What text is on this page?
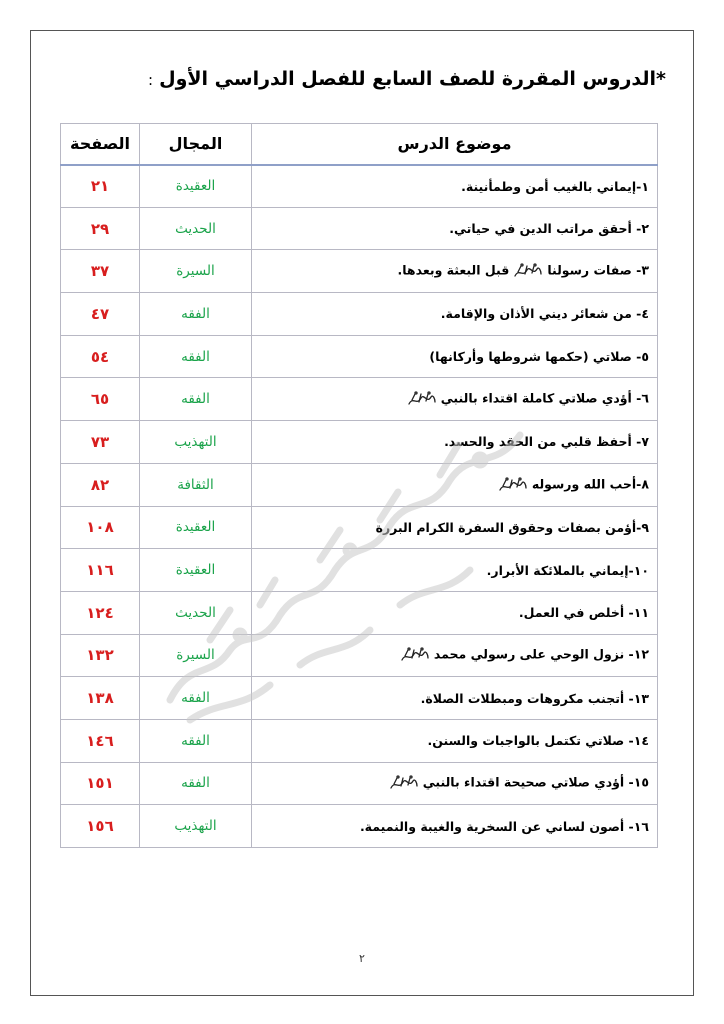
*الدروس المقررة للصف السابع للفصل الدراسي الأول:
موضوع الدرس	المجال	الصفحة
١-إيماني بالغيب أمن وطمأنينة.	العقيدة	٢١
٢- أحقق مراتب الدين في حياتي.	الحديث	٢٩
٣- صفات رسولناقبل البعثة وبعدها.	السيرة	٣٧
٤- من شعائر ديني الأذان والإقامة.	الفقه	٤٧
٥- صلاتي (حكمها شروطها وأركانها)	الفقه	٥٤
٦- أؤدي صلاتي كاملة اقتداء بالنبي	الفقه	٦٥
٧- أحفظ قلبي من الحقد والحسد.	التهذيب	٧٣
٨-أحب الله ورسوله	الثقافة	٨٢
٩-أؤمن بصفات وحقوق السفرة الكرام البررة	العقيدة	١٠٨
١٠-إيماني بالملائكة الأبرار.	العقيدة	١١٦
١١- أخلص في العمل.	الحديث	١٢٤
١٢- نزول الوحي على رسولي محمد	السيرة	١٣٢
١٣- أتجنب مكروهات ومبطلات الصلاة.	الفقه	١٣٨
١٤- صلاتي تكتمل بالواجبات والسنن.	الفقه	١٤٦
١٥- أؤدي صلاتي صحيحة اقتداء بالنبي	الفقه	١٥١
١٦- أصون لساني عن السخرية والغيبة والنميمة.	التهذيب	١٥٦
٢
